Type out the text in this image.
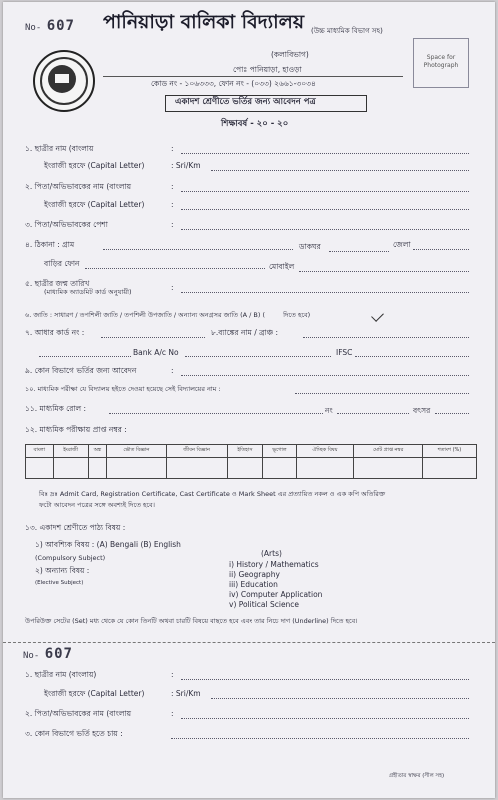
No- 607 পানিয়াড়া বালিকা বিদ্যালয় (উচ্চ মাধ্যমিক বিভাগ সহ)
(কলাবিভাগ)
পোঃ পানিয়াড়া, হাওড়া
কোড নং - ১০৬৩৩৩, ফোন নং - (০৩৩) ২৬৬১-৩০৩৪
Space for Photograph
একাদশ শ্রেণীতে ভর্তির জন্য আবেদন পত্র
শিক্ষাবর্ষ - ২০ - ২০
১. ছাত্রীর নাম (বাংলায়	:
ইংরাজী হরফে (Capital Letter)	: Sri/Km
২. পিতা/অভিভাবকের নাম (বাংলায়	:
ইংরাজী হরফে (Capital Letter)	:
৩. পিতা/অভিভাবকের পেশা	:
৪. ঠিকানা : গ্রাম	ডাকঘর	জেলা
বাড়ির ফোন	মোবাইল
৫. ছাত্রীর জন্ম তারিখ
(মাধ্যমিক অ্যাডমিট কার্ড অনুযায়ী)	:
৬. জাতি : সাধারণ / তপশিলী জাতি / তপশিলী উপজাতি / অন্যান্য অনগ্রসর জাতি (A / B) (  দিতে হবে)
৭. আধার কার্ড নং :	৮.ব্যাঙ্কের নাম / ব্রাঞ্চ :
Bank A/c No	IFSC
৯. কোন বিভাগে ভর্তির জন্য আবেদন	:
১০. মাধ্যমিক পরীক্ষা যে বিদ্যালয় হইতে দেওয়া হয়েছে সেই বিদ্যালয়ের নাম :
১১. মাধ্যমিক রোল :	নং	বৎসর
১২. মাধ্যমিক পরীক্ষায় প্রাপ্ত নম্বর :
বাংলা	ইংরাজী	অঙ্ক	ভৌত বিজ্ঞান	জীবন বিজ্ঞান	ইতিহাস	ভূগোল	ঐচ্ছিক বিষয়	মোট প্রাপ্ত নম্বর	শতাংশ (%)

বিঃ দ্রঃ Admit Card, Registration Certificate, Cast Certificate ও Mark Sheet এর প্রত্যায়িত নকল ও এক কপি অতিরিক্ত
ফটো আবেদন পত্রের সঙ্গে অবশ্যই দিতে হবে।
১৩. একাদশ শ্রেণীতে পাঠ্য বিষয় :
১) আবশ্যিক বিষয় : (A) Bengali (B) English
(Compulsory Subject)
২) অন্যান্য বিষয় :
(Elective Subject)
(Arts)
i) History / Mathematics
ii) Geography
iii) Education
iv) Computer Application
v) Political Science
উপরিউক্ত সেটের (Set) মধ্য থেকে যে কোন তিনটি অথবা চারটি বিষয়ে বাছতে হবে এবং তার নিচে দাগ (Underline) দিতে হবে।
No- 607
১. ছাত্রীর নাম (বাংলায়)	:
ইংরাজী হরফে (Capital Letter)	: Sri/Km
২. পিতা/অভিভাবকের নাম (বাংলায়	:
৩. কোন বিভাগে ভর্তি হতে চায় :
গ্রহীতার স্বাক্ষর (সীল সহ)
